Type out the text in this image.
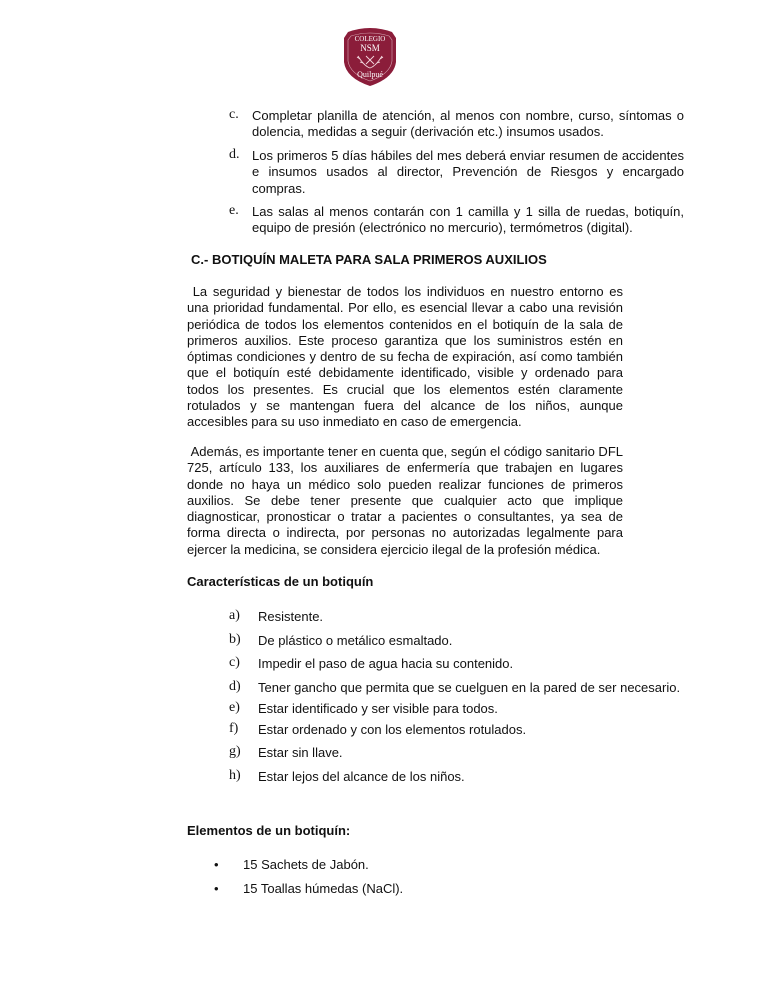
COLEGIO
NSM
Quilpué
c. Completar planilla de atención, al menos con nombre, curso, síntomas o dolencia, medidas a seguir (derivación etc.) insumos usados.
d. Los primeros 5 días hábiles del mes deberá enviar resumen de accidentes e insumos usados al director, Prevención de Riesgos y encargado compras.
e. Las salas al menos contarán con 1 camilla y 1 silla de ruedas, botiquín, equipo de presión (electrónico no mercurio), termómetros (digital).
C.- BOTIQUÍN MALETA PARA SALA PRIMEROS AUXILIOS
La seguridad y bienestar de todos los individuos en nuestro entorno es una prioridad fundamental. Por ello, es esencial llevar a cabo una revisión periódica de todos los elementos contenidos en el botiquín de la sala de primeros auxilios. Este proceso garantiza que los suministros estén en óptimas condiciones y dentro de su fecha de expiración, así como también que el botiquín esté debidamente identificado, visible y ordenado para todos los presentes. Es crucial que los elementos estén claramente rotulados y se mantengan fuera del alcance de los niños, aunque accesibles para su uso inmediato en caso de emergencia.
Además, es importante tener en cuenta que, según el código sanitario DFL 725, artículo 133, los auxiliares de enfermería que trabajen en lugares donde no haya un médico solo pueden realizar funciones de primeros auxilios. Se debe tener presente que cualquier acto que implique diagnosticar, pronosticar o tratar a pacientes o consultantes, ya sea de forma directa o indirecta, por personas no autorizadas legalmente para ejercer la medicina, se considera ejercicio ilegal de la profesión médica.
Características de un botiquín
a) Resistente.
b) De plástico o metálico esmaltado.
c) Impedir el paso de agua hacia su contenido.
d) Tener gancho que permita que se cuelguen en la pared de ser necesario.
e) Estar identificado y ser visible para todos.
f) Estar ordenado y con los elementos rotulados.
g) Estar sin llave.
h) Estar lejos del alcance de los niños.
Elementos de un botiquín:
• 15 Sachets de Jabón.
• 15 Toallas húmedas (NaCl).
